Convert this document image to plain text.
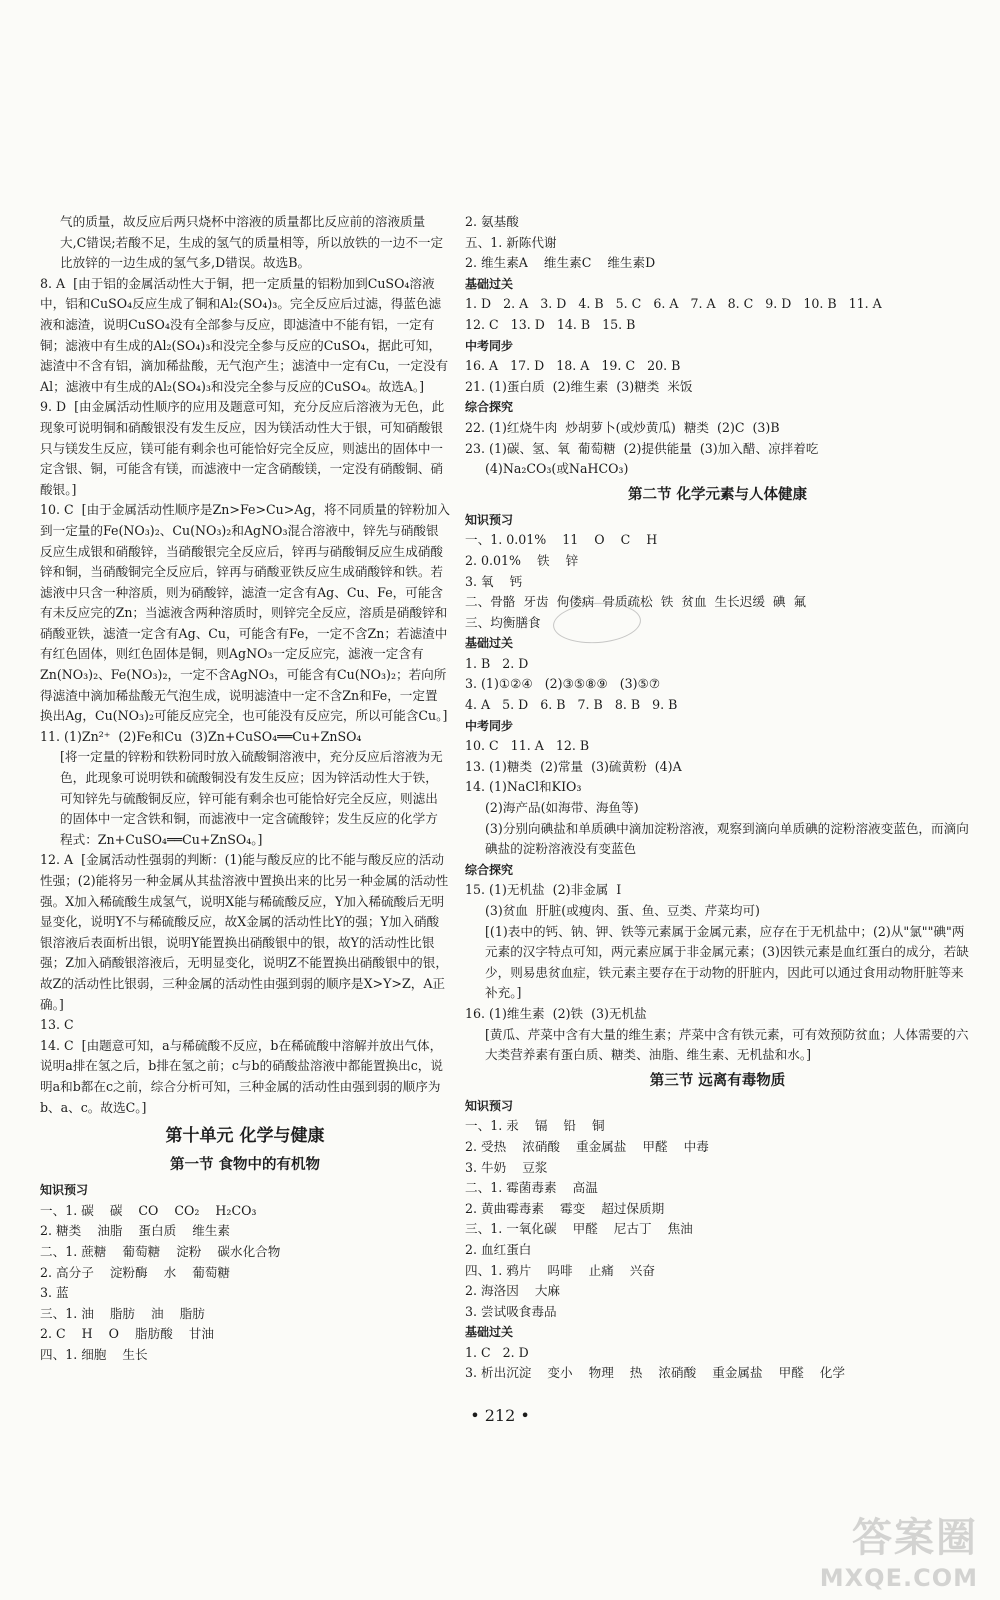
气的质量，故反应后两只烧杯中溶液的质量都比反应前的溶液质量大,C错误;若酸不足，生成的氢气的质量相等，所以放铁的一边不一定比放锌的一边生成的氢气多,D错误。故选B。

8. A  [由于铝的金属活动性大于铜，把一定质量的铝粉加到CuSO₄溶液中，铝和CuSO₄反应生成了铜和Al₂(SO₄)₃。完全反应后过滤，得蓝色滤液和滤渣，说明CuSO₄没有全部参与反应，即滤渣中不能有铝，一定有铜；滤液中有生成的Al₂(SO₄)₃和没完全参与反应的CuSO₄，据此可知，滤渣中不含有铝，滴加稀盐酸，无气泡产生；滤渣中一定有Cu，一定没有Al；滤液中有生成的Al₂(SO₄)₃和没完全参与反应的CuSO₄。故选A。]

9. D  [由金属活动性顺序的应用及题意可知，充分反应后溶液为无色，此现象可说明铜和硝酸银没有发生反应，因为镁活动性大于银，可知硝酸银只与镁发生反应，镁可能有剩余也可能恰好完全反应，则滤出的固体中一定含银、铜，可能含有镁，而滤液中一定含硝酸镁，一定没有硝酸铜、硝酸银。]

10. C  [由于金属活动性顺序是Zn>Fe>Cu>Ag，将不同质量的锌粉加入到一定量的Fe(NO₃)₂、Cu(NO₃)₂和AgNO₃混合溶液中，锌先与硝酸银反应生成银和硝酸锌，当硝酸银完全反应后，锌再与硝酸铜反应生成硝酸锌和铜，当硝酸铜完全反应后，锌再与硝酸亚铁反应生成硝酸锌和铁。若滤液中只含一种溶质，则为硝酸锌，滤渣一定含有Ag、Cu、Fe，可能含有未反应完的Zn；当滤液含两种溶质时，则锌完全反应，溶质是硝酸锌和硝酸亚铁，滤渣一定含有Ag、Cu，可能含有Fe，一定不含Zn；若滤渣中有红色固体，则红色固体是铜，则AgNO₃一定反应完，滤液一定含有Zn(NO₃)₂、Fe(NO₃)₂，一定不含AgNO₃，可能含有Cu(NO₃)₂；若向所得滤渣中滴加稀盐酸无气泡生成，说明滤渣中一定不含Zn和Fe，一定置换出Ag，Cu(NO₃)₂可能反应完全，也可能没有反应完，所以可能含Cu。]

11. (1)Zn²⁺  (2)Fe和Cu  (3)Zn+CuSO₄══Cu+ZnSO₄

[将一定量的锌粉和铁粉同时放入硫酸铜溶液中，充分反应后溶液为无色，此现象可说明铁和硫酸铜没有发生反应；因为锌活动性大于铁，可知锌先与硫酸铜反应，锌可能有剩余也可能恰好完全反应，则滤出的固体中一定含铁和铜，而滤液中一定含硫酸锌；发生反应的化学方程式：Zn+CuSO₄══Cu+ZnSO₄。]

12. A  [金属活动性强弱的判断：(1)能与酸反应的比不能与酸反应的活动性强；(2)能将另一种金属从其盐溶液中置换出来的比另一种金属的活动性强。X加入稀硫酸生成氢气，说明X能与稀硫酸反应，Y加入稀硫酸后无明显变化，说明Y不与稀硫酸反应，故X金属的活动性比Y的强；Y加入硝酸银溶液后表面析出银，说明Y能置换出硝酸银中的银，故Y的活动性比银强；Z加入硝酸银溶液后，无明显变化，说明Z不能置换出硝酸银中的银，故Z的活动性比银弱，三种金属的活动性由强到弱的顺序是X>Y>Z，A正确。]

13. C

14. C  [由题意可知，a与稀硫酸不反应，b在稀硫酸中溶解并放出气体，说明a排在氢之后，b排在氢之前；c与b的硝酸盐溶液中都能置换出c，说明a和b都在c之前，综合分析可知，三种金属的活动性由强到弱的顺序为b、a、c。故选C。]

第十单元 化学与健康

第一节 食物中的有机物

知识预习

一、1. 碳    碳    CO    CO₂    H₂CO₃

2. 糖类    油脂    蛋白质    维生素

二、1. 蔗糖    葡萄糖    淀粉    碳水化合物

2. 高分子    淀粉酶    水    葡萄糖

3. 蓝

三、1. 油    脂肪    油    脂肪

2. C    H    O    脂肪酸    甘油

四、1. 细胞    生长

2. 氨基酸

五、1. 新陈代谢

2. 维生素A    维生素C    维生素D

基础过关

1. D   2. A   3. D   4. B   5. C   6. A   7. A   8. C   9. D   10. B   11. A

12. C   13. D   14. B   15. B

中考同步

16. A   17. D   18. A   19. C   20. B

21. (1)蛋白质  (2)维生素  (3)糖类  米饭

综合探究

22. (1)红烧牛肉  炒胡萝卜(或炒黄瓜)  糖类  (2)C  (3)B

23. (1)碳、氢、氧  葡萄糖  (2)提供能量  (3)加入醋、凉拌着吃

(4)Na₂CO₃(或NaHCO₃)

第二节 化学元素与人体健康

知识预习

一、1. 0.01%    11    O    C    H

2. 0.01%    铁    锌

3. 氧    钙

二、骨骼  牙齿  佝偻病  骨质疏松  铁  贫血  生长迟缓  碘  氟

三、均衡膳食

基础过关

1. B   2. D

3. (1)①②④   (2)③⑤⑧⑨   (3)⑤⑦

4. A   5. D   6. B   7. B   8. B   9. B

中考同步

10. C   11. A   12. B

13. (1)糖类  (2)常量  (3)硫黄粉  (4)A

14. (1)NaCl和KIO₃

(2)海产品(如海带、海鱼等)

(3)分别向碘盐和单质碘中滴加淀粉溶液，观察到滴向单质碘的淀粉溶液变蓝色，而滴向碘盐的淀粉溶液没有变蓝色

综合探究

15. (1)无机盐  (2)非金属  I

(3)贫血  肝脏(或瘦肉、蛋、鱼、豆类、芹菜均可)

[(1)表中的钙、钠、钾、铁等元素属于金属元素，应存在于无机盐中；(2)从"氯""碘"两元素的汉字特点可知，两元素应属于非金属元素；(3)因铁元素是血红蛋白的成分，若缺少，则易患贫血症，铁元素主要存在于动物的肝脏内，因此可以通过食用动物肝脏等来补充。]

16. (1)维生素  (2)铁  (3)无机盐

[黄瓜、芹菜中含有大量的维生素；芹菜中含有铁元素，可有效预防贫血；人体需要的六大类营养素有蛋白质、糖类、油脂、维生素、无机盐和水。]

第三节 远离有毒物质

知识预习

一、1. 汞    镉    铅    铜

2. 受热    浓硝酸    重金属盐    甲醛    中毒

3. 牛奶    豆浆

二、1. 霉菌毒素    高温

2. 黄曲霉毒素    霉变    超过保质期

三、1. 一氧化碳    甲醛    尼古丁    焦油

2. 血红蛋白

四、1. 鸦片    吗啡    止痛    兴奋

2. 海洛因    大麻

3. 尝试吸食毒品

基础过关

1. C   2. D

3. 析出沉淀    变小    物理    热    浓硝酸    重金属盐    甲醛    化学

• 212 •
答案圈
MXQE.COM
